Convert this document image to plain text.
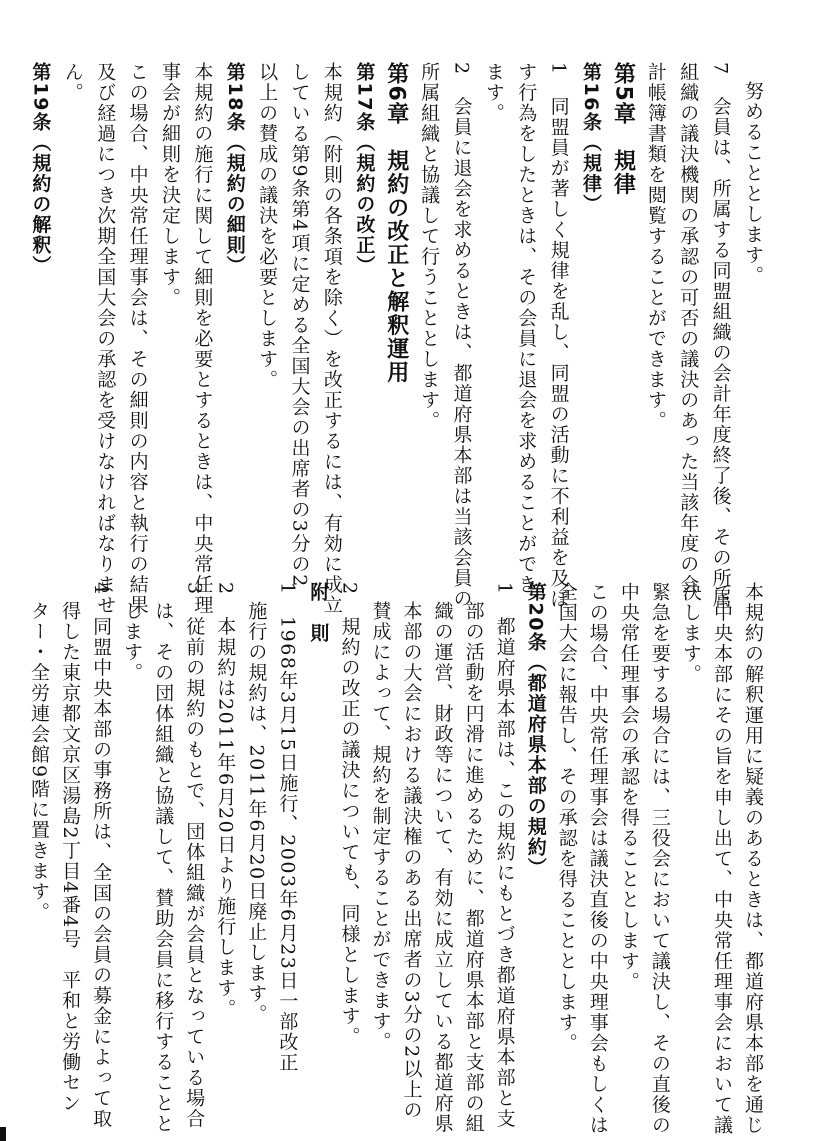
努めることとします。
7　会員は、所属する同盟組織の会計年度終了後、その所属
組織の議決機関の承認の可否の議決のあった当該年度の会
計帳簿書類を閲覧することができます。
第5章　規律
第16条（規律）
1　同盟員が著しく規律を乱し、同盟の活動に不利益を及ぼ
す行為をしたときは、その会員に退会を求めることができ
ます。
2　会員に退会を求めるときは、都道府県本部は当該会員の
所属組織と協議して行うこととします。
第6章　規約の改正と解釈運用
第17条（規約の改正）
本規約（附則の各条項を除く）を改正するには、有効に成立
している第9条第4項に定める全国大会の出席者の3分の2
以上の賛成の議決を必要とします。
第18条（規約の細則）
本規約の施行に関して細則を必要とするときは、中央常任理
事会が細則を決定します。
この場合、中央常任理事会は、その細則の内容と執行の結果
及び経過につき次期全国大会の承認を受けなければなりませ
ん。
第19条（規約の解釈）
本規約の解釈運用に疑義のあるときは、都道府県本部を通じ
て中央本部にその旨を申し出て、中央常任理事会において議
決します。
緊急を要する場合には、三役会において議決し、その直後の
中央常任理事会の承認を得ることとします。
この場合、中央常任理事会は議決直後の中央理事会もしくは
全国大会に報告し、その承認を得ることとします。
第20条（都道府県本部の規約）
1　都道府県本部は、この規約にもとづき都道府県本部と支
部の活動を円滑に進めるために、都道府県本部と支部の組
織の運営、財政等について、有効に成立している都道府県
本部の大会における議決権のある出席者の3分の2以上の
賛成によって、規約を制定することができます。
2　規約の改正の議決についても、同様とします。
附　則
1　1968年3月15日施行、2003年6月23日一部改正
施行の規約は、2011年6月20日廃止します。
2　本規約は2011年6月20日より施行します。
3　従前の規約のもとで、団体組織が会員となっている場合
は、その団体組織と協議して、賛助会員に移行することと
します。
4　同盟中央本部の事務所は、全国の会員の募金によって取
得した東京都文京区湯島2丁目4番4号　平和と労働セン
ター・全労連会館9階に置きます。
